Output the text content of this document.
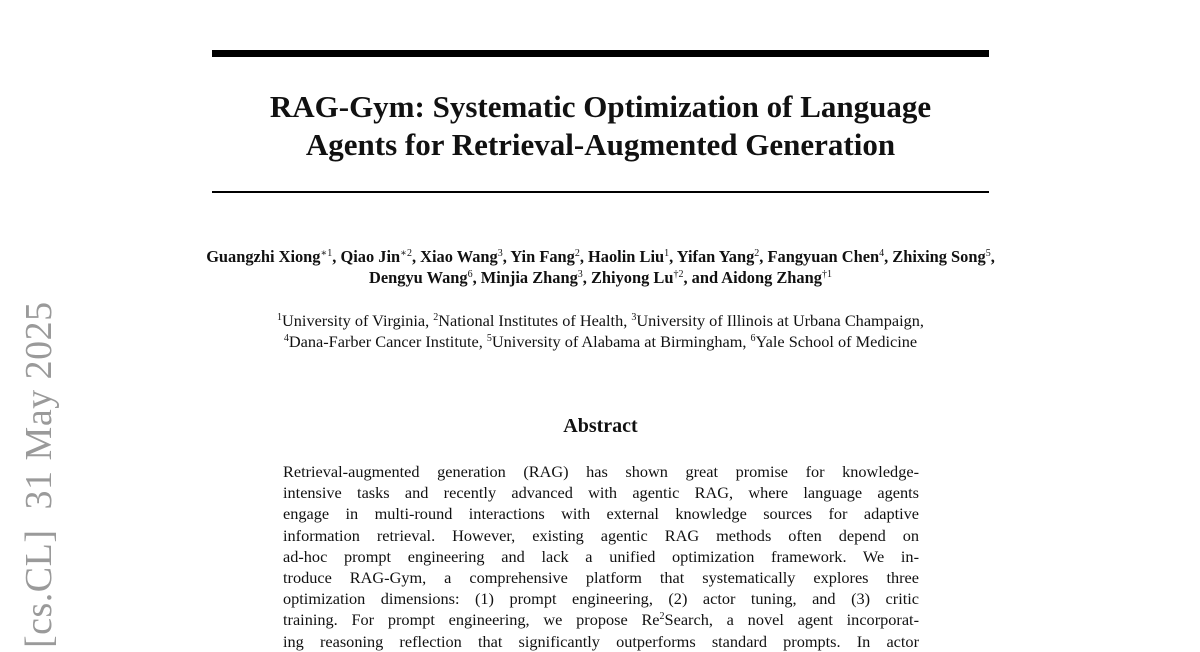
[cs.CL]  31 May 2025
RAG-Gym: Systematic Optimization of Language
Agents for Retrieval-Augmented Generation
Guangzhi Xiong$^{∗1}$, Qiao Jin$^{∗2}$, Xiao Wang$^3$, Yin Fang$^2$, Haolin Liu$^1$, Yifan Yang$^2$, Fangyuan Chen$^4$, Zhixing Song$^5$, Dengyu Wang$^6$, Minjia Zhang$^3$, Zhiyong Lu$^{\dagger 2}$, and Aidong Zhang$^{\dagger 1}$
$^1$University of Virginia, $^2$National Institutes of Health, $^3$University of Illinois at Urbana Champaign,
$^4$Dana-Farber Cancer Institute, $^5$University of Alabama at Birmingham, $^6$Yale School of Medicine
Abstract
Retrieval-augmented generation (RAG) has shown great promise for knowledge-
intensive tasks and recently advanced with agentic RAG, where language agents
engage in multi-round interactions with external knowledge sources for adaptive
information retrieval. However, existing agentic RAG methods often depend on
ad-hoc prompt engineering and lack a unified optimization framework. We in-
troduce RAG-Gym, a comprehensive platform that systematically explores three
optimization dimensions: (1) prompt engineering, (2) actor tuning, and (3) critic
training. For prompt engineering, we propose Re$^2$Search, a novel agent incorporat-
ing reasoning reflection that significantly outperforms standard prompts. In actor
